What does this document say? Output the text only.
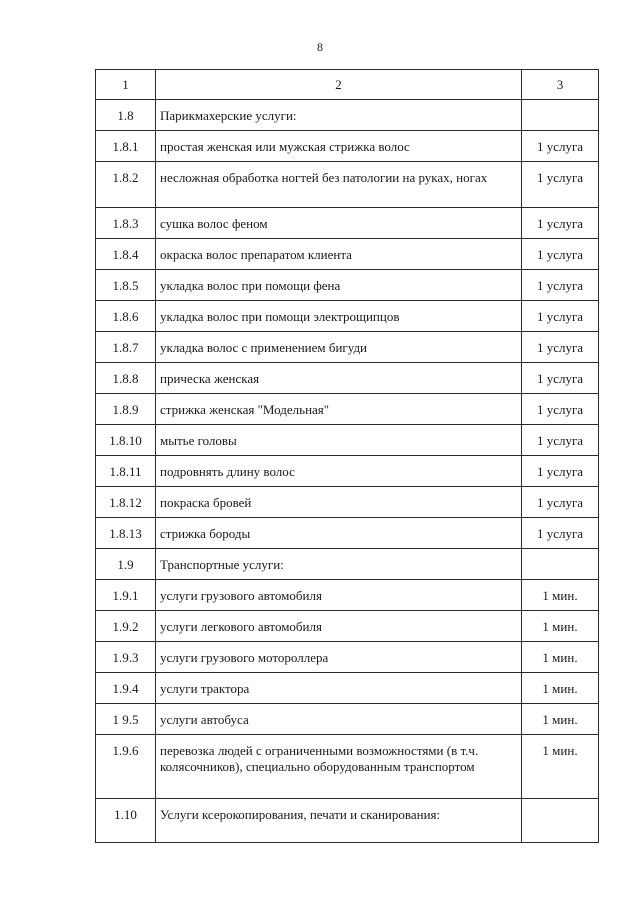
8
1	2	3

1.8	Парикмахерские услуги:	

1.8.1	простая женская или мужская стрижка волос	1 услуга

1.8.2	несложная обработка ногтей без патологии на руках, ногах	1 услуга

1.8.3	сушка волос феном	1 услуга

1.8.4	окраска волос препаратом клиента	1 услуга

1.8.5	укладка волос при помощи фена	1 услуга

1.8.6	укладка волос при помощи электрощипцов	1 услуга

1.8.7	укладка волос с применением бигуди	1 услуга

1.8.8	прическа женская	1 услуга

1.8.9	стрижка женская "Модельная"	1 услуга

1.8.10	мытье головы	1 услуга

1.8.11	подровнять длину волос	1 услуга

1.8.12	покраска бровей	1 услуга

1.8.13	стрижка бороды	1 услуга

1.9	Транспортные услуги:	

1.9.1	услуги грузового автомобиля	1 мин.

1.9.2	услуги легкового автомобиля	1 мин.

1.9.3	услуги грузового мотороллера	1 мин.

1.9.4	услуги трактора	1 мин.

1 9.5	услуги автобуса	1 мин.

1.9.6	перевозка людей с ограниченными возможностями (в т.ч. колясочников), специально оборудованным транспортом	1 мин.

1.10	Услуги ксерокопирования, печати и сканирования:	
